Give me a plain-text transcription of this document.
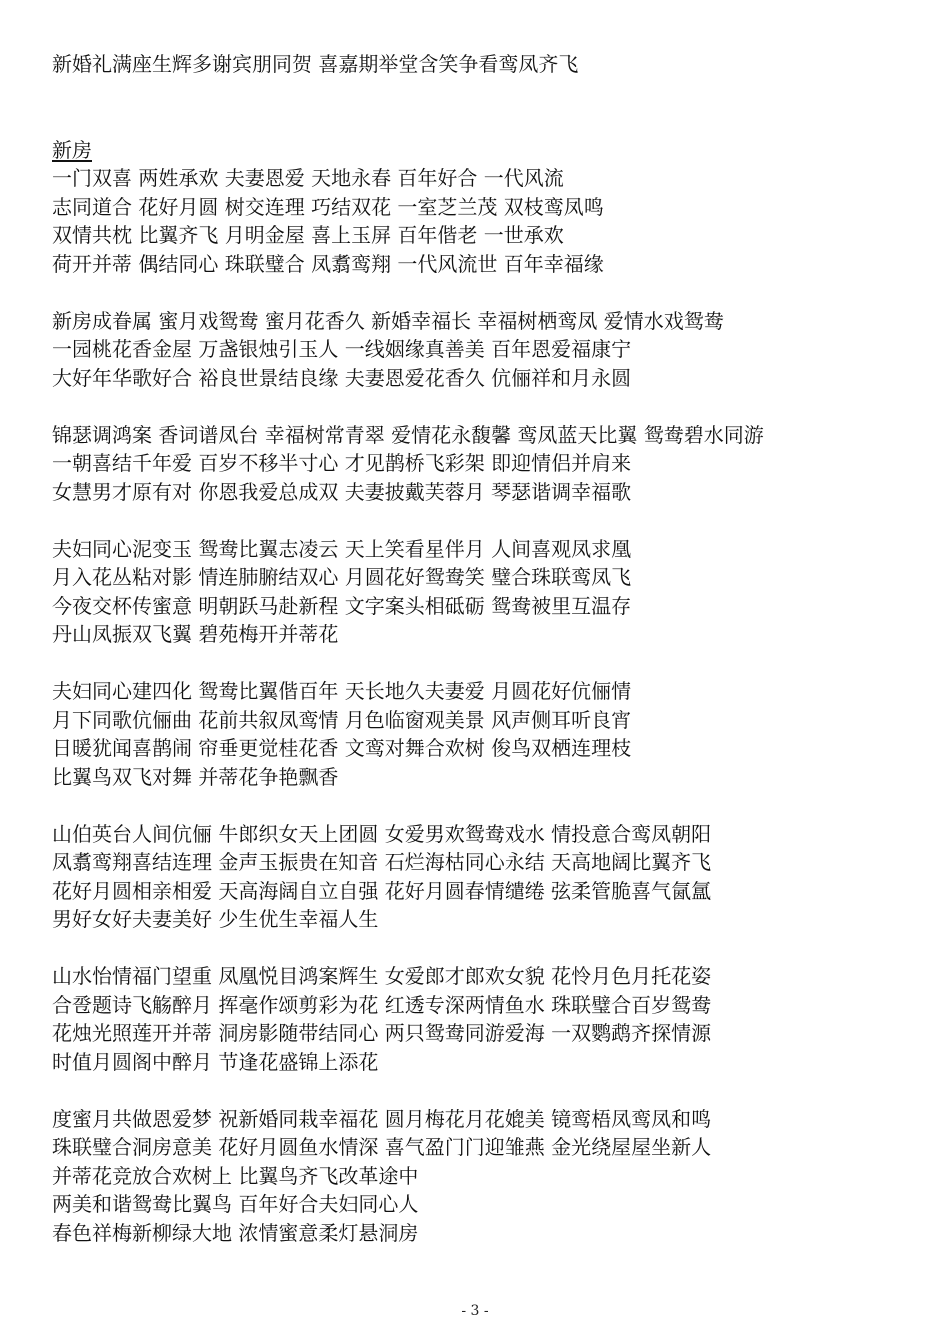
新婚礼满座生辉多谢宾朋同贺 喜嘉期举堂含笑争看鸾凤齐飞
新房
一门双喜 两姓承欢 夫妻恩爱 天地永春 百年好合 一代风流
志同道合 花好月圆 树交连理 巧结双花 一室芝兰茂 双枝鸾凤鸣
双情共枕 比翼齐飞 月明金屋 喜上玉屏 百年偕老 一世承欢
荷开并蒂 偶结同心 珠联璧合 凤翥鸾翔 一代风流世 百年幸福缘
新房成眷属 蜜月戏鸳鸯 蜜月花香久 新婚幸福长 幸福树栖鸾凤 爱情水戏鸳鸯
一园桃花香金屋 万盏银烛引玉人 一线姻缘真善美 百年恩爱福康宁
大好年华歌好合 裕良世景结良缘 夫妻恩爱花香久 伉俪祥和月永圆
锦瑟调鸿案 香词谱凤台 幸福树常青翠 爱情花永馥馨 鸾凤蓝天比翼 鸳鸯碧水同游
一朝喜结千年爱 百岁不移半寸心 才见鹊桥飞彩架 即迎情侣并肩来
女慧男才原有对 你恩我爱总成双 夫妻披戴芙蓉月 琴瑟谐调幸福歌
夫妇同心泥变玉 鸳鸯比翼志凌云 天上笑看星伴月 人间喜观凤求凰
月入花丛粘对影 情连肺腑结双心 月圆花好鸳鸯笑 璧合珠联鸾凤飞
今夜交杯传蜜意 明朝跃马赴新程 文字案头相砥砺 鸳鸯被里互温存
丹山凤振双飞翼 碧苑梅开并蒂花
夫妇同心建四化 鸳鸯比翼偕百年 天长地久夫妻爱 月圆花好伉俪情
月下同歌伉俪曲 花前共叙凤鸾情 月色临窗观美景 风声侧耳听良宵
日暖犹闻喜鹊闹 帘垂更觉桂花香 文鸾对舞合欢树 俊鸟双栖连理枝
比翼鸟双飞对舞 并蒂花争艳飘香
山伯英台人间伉俪 牛郎织女天上团圆 女爱男欢鸳鸯戏水 情投意合鸾凤朝阳
凤翥鸾翔喜结连理 金声玉振贵在知音 石烂海枯同心永结 天高地阔比翼齐飞
花好月圆相亲相爱 天高海阔自立自强 花好月圆春情缱绻 弦柔管脆喜气氤氲
男好女好夫妻美好 少生优生幸福人生
山水怡情福门望重 凤凰悦目鸿案辉生 女爱郎才郎欢女貌 花怜月色月托花姿
合卺题诗飞觞醉月 挥毫作颂剪彩为花 红透专深两情鱼水 珠联璧合百岁鸳鸯
花烛光照莲开并蒂 洞房影随带结同心 两只鸳鸯同游爱海 一双鹦鹉齐探情源
时值月圆阁中醉月 节逢花盛锦上添花
度蜜月共做恩爱梦 祝新婚同栽幸福花 圆月梅花月花媲美 镜鸾梧凤鸾凤和鸣
珠联璧合洞房意美 花好月圆鱼水情深 喜气盈门门迎雏燕 金光绕屋屋坐新人
并蒂花竞放合欢树上 比翼鸟齐飞改革途中
两美和谐鸳鸯比翼鸟 百年好合夫妇同心人
春色祥梅新柳绿大地 浓情蜜意柔灯悬洞房
- 3 -
